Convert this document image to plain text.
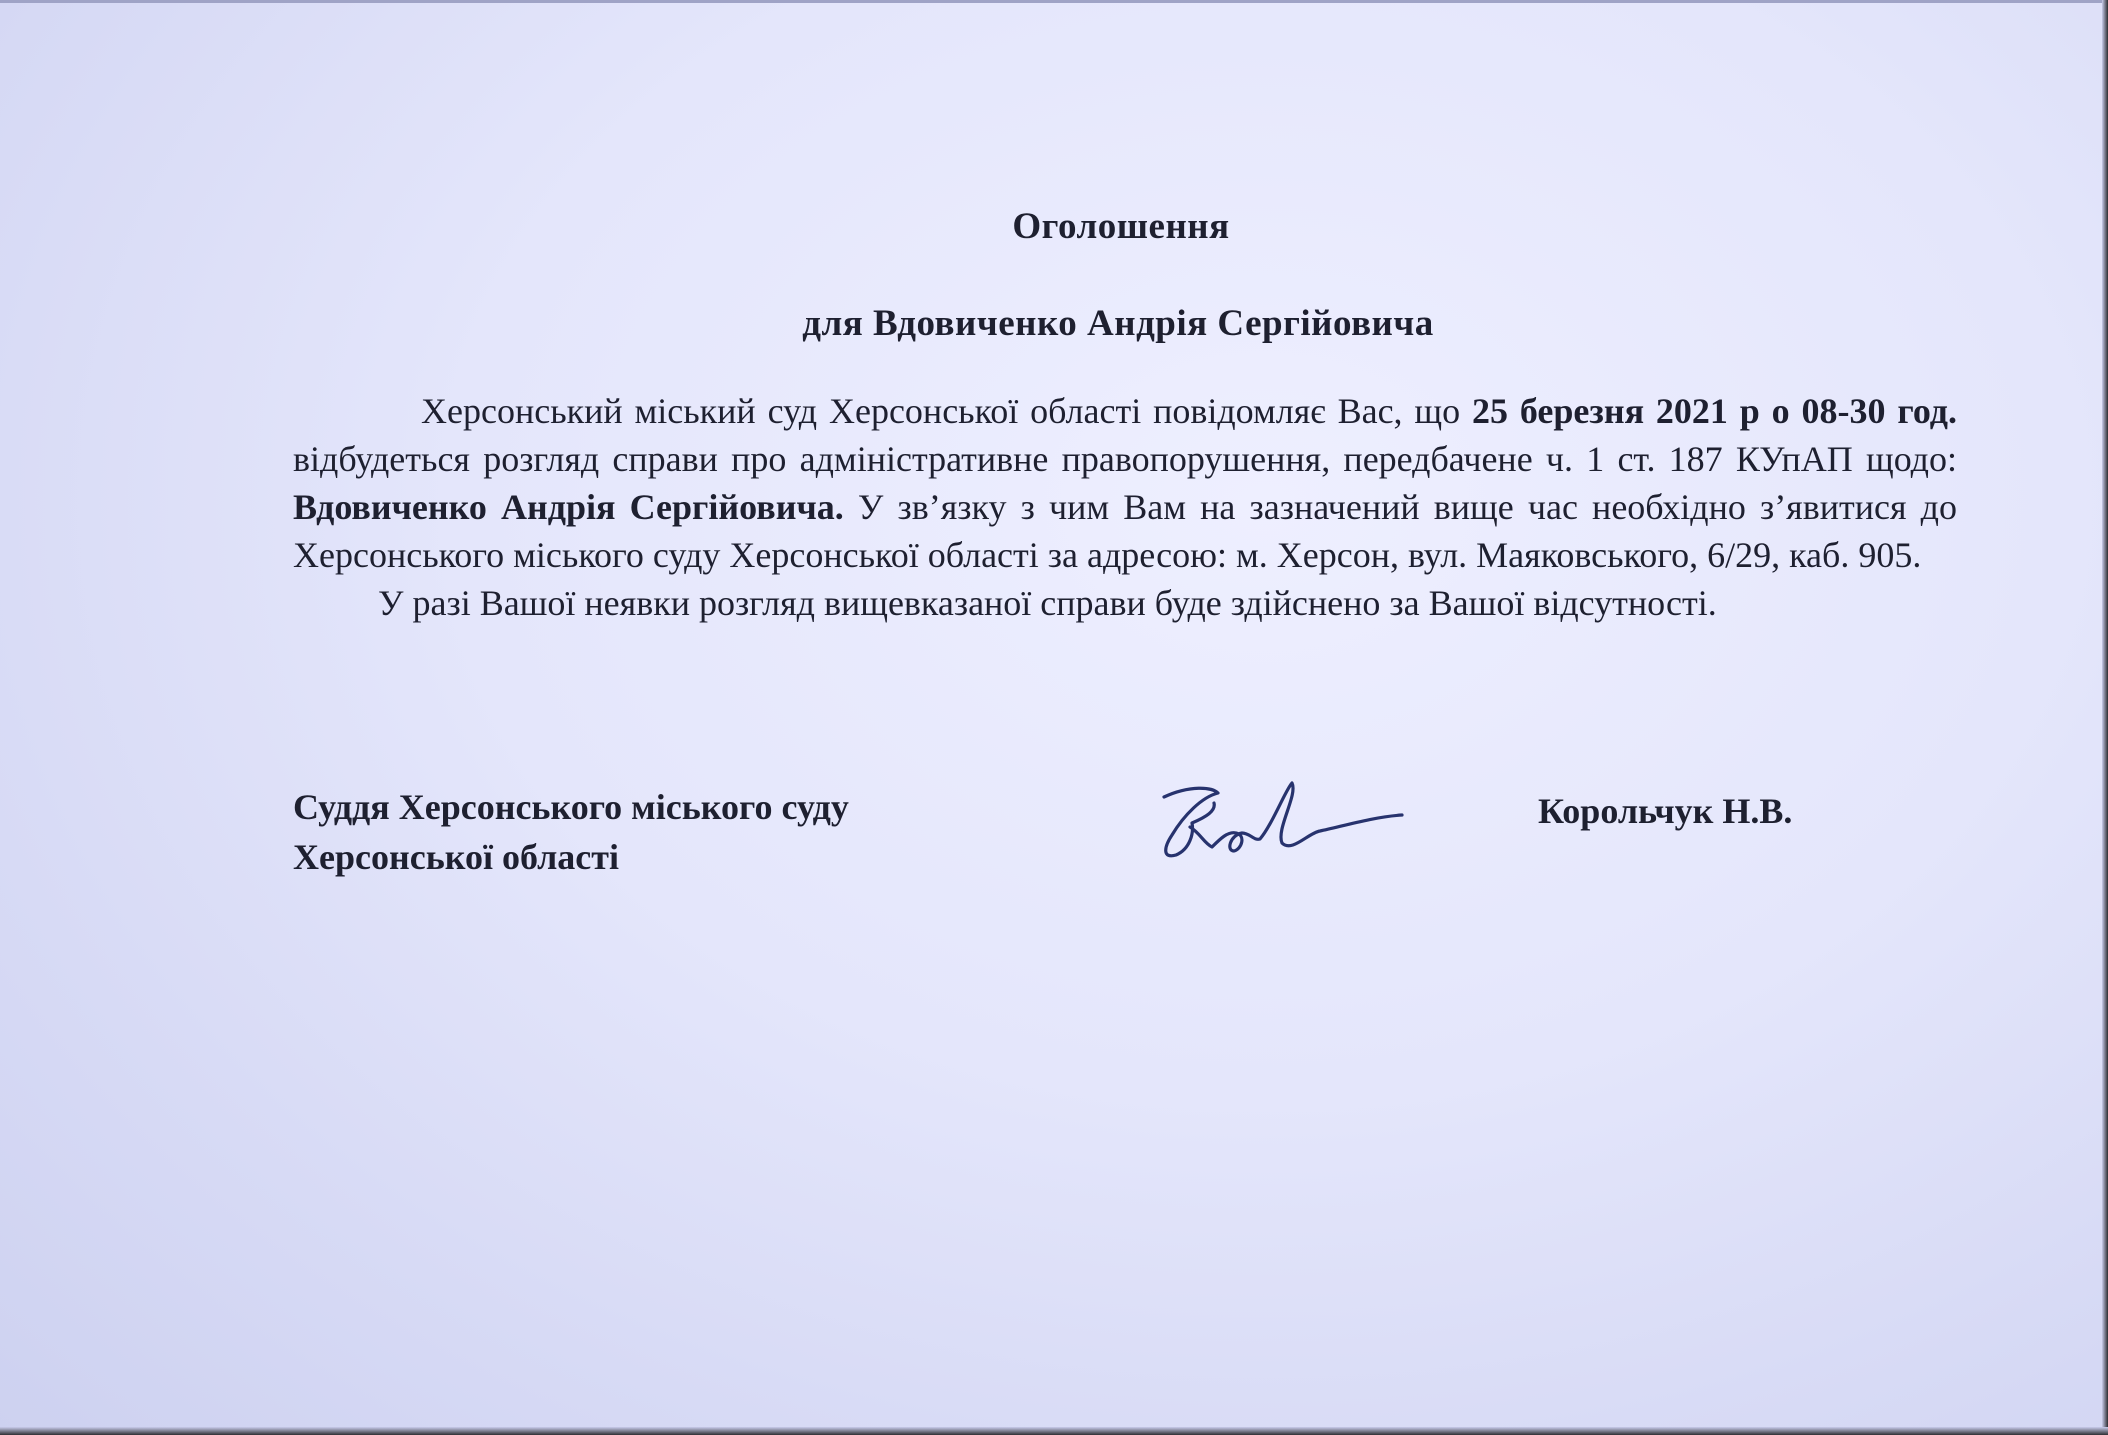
Оголошення
для Вдовиченко Андрія Сергійовича

Херсонський міський суд Херсонської області повідомляє Вас, що 25 березня 2021 р о 08-30 год. відбудеться розгляд справи про адміністративне правопорушення, передбачене ч. 1 ст. 187 КУпАП щодо: Вдовиченко Андрія Сергійовича. У зв’язку з чим Вам на зазначений вище час необхідно з’явитися до Херсонського міського суду Херсонської області за адресою: м. Херсон, вул. Маяковського, 6/29, каб. 905.

У разі Вашої неявки розгляд вищевказаної справи буде здійснено за Вашої відсутності.

Суддя Херсонського міського суду
Херсонської області
Корольчук Н.В.
